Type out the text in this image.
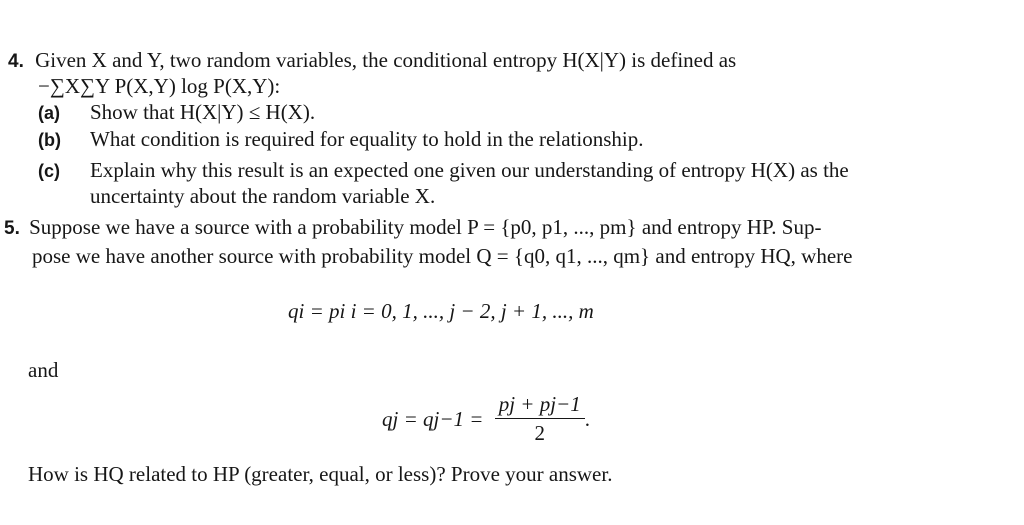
4. Given X and Y, two random variables, the conditional entropy H(X|Y) is defined as
−∑X∑Y P(X,Y) log P(X,Y):
(a) Show that H(X|Y) ≤ H(X).
(b) What condition is required for equality to hold in the relationship.
(c) Explain why this result is an expected one given our understanding of entropy H(X) as the
uncertainty about the random variable X.
5. Suppose we have a source with a probability model P = {p0, p1, ..., pm} and entropy HP. Sup-
pose we have another source with probability model Q = {q0, q1, ..., qm} and entropy HQ, where
qi = pi i = 0, 1, ..., j − 2, j + 1, ..., m
and
qj = $qj-1 = \frac{pj + pj-1}{2}$ .
How is HQ related to HP (greater, equal, or less)? Prove your answer.
